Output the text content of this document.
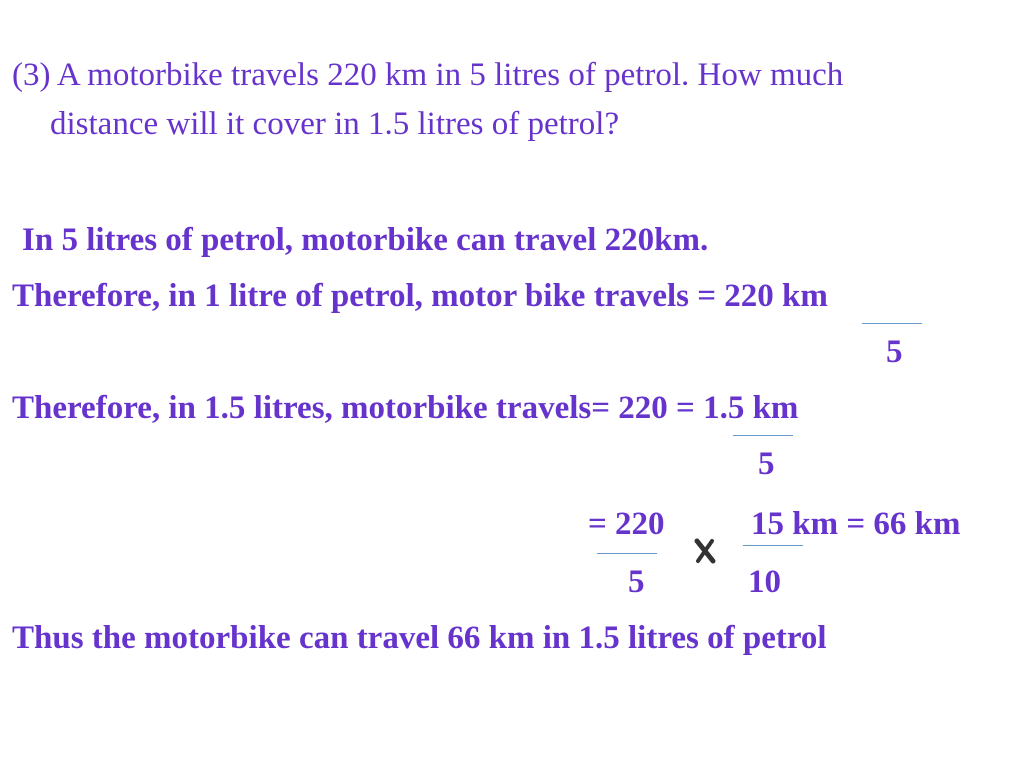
(3) A motorbike travels 220 km in 5 litres of petrol. How much
distance will it cover in 1.5 litres of petrol?
In 5 litres of petrol, motorbike can travel 220km.
Therefore, in 1 litre of petrol, motor bike travels = 220 km
5
Therefore, in 1.5 litres, motorbike travels= 220 = 1.5 km
5
= 220	15 km = 66 km
5	10
Thus the motorbike can travel 66 km in 1.5 litres of petrol
